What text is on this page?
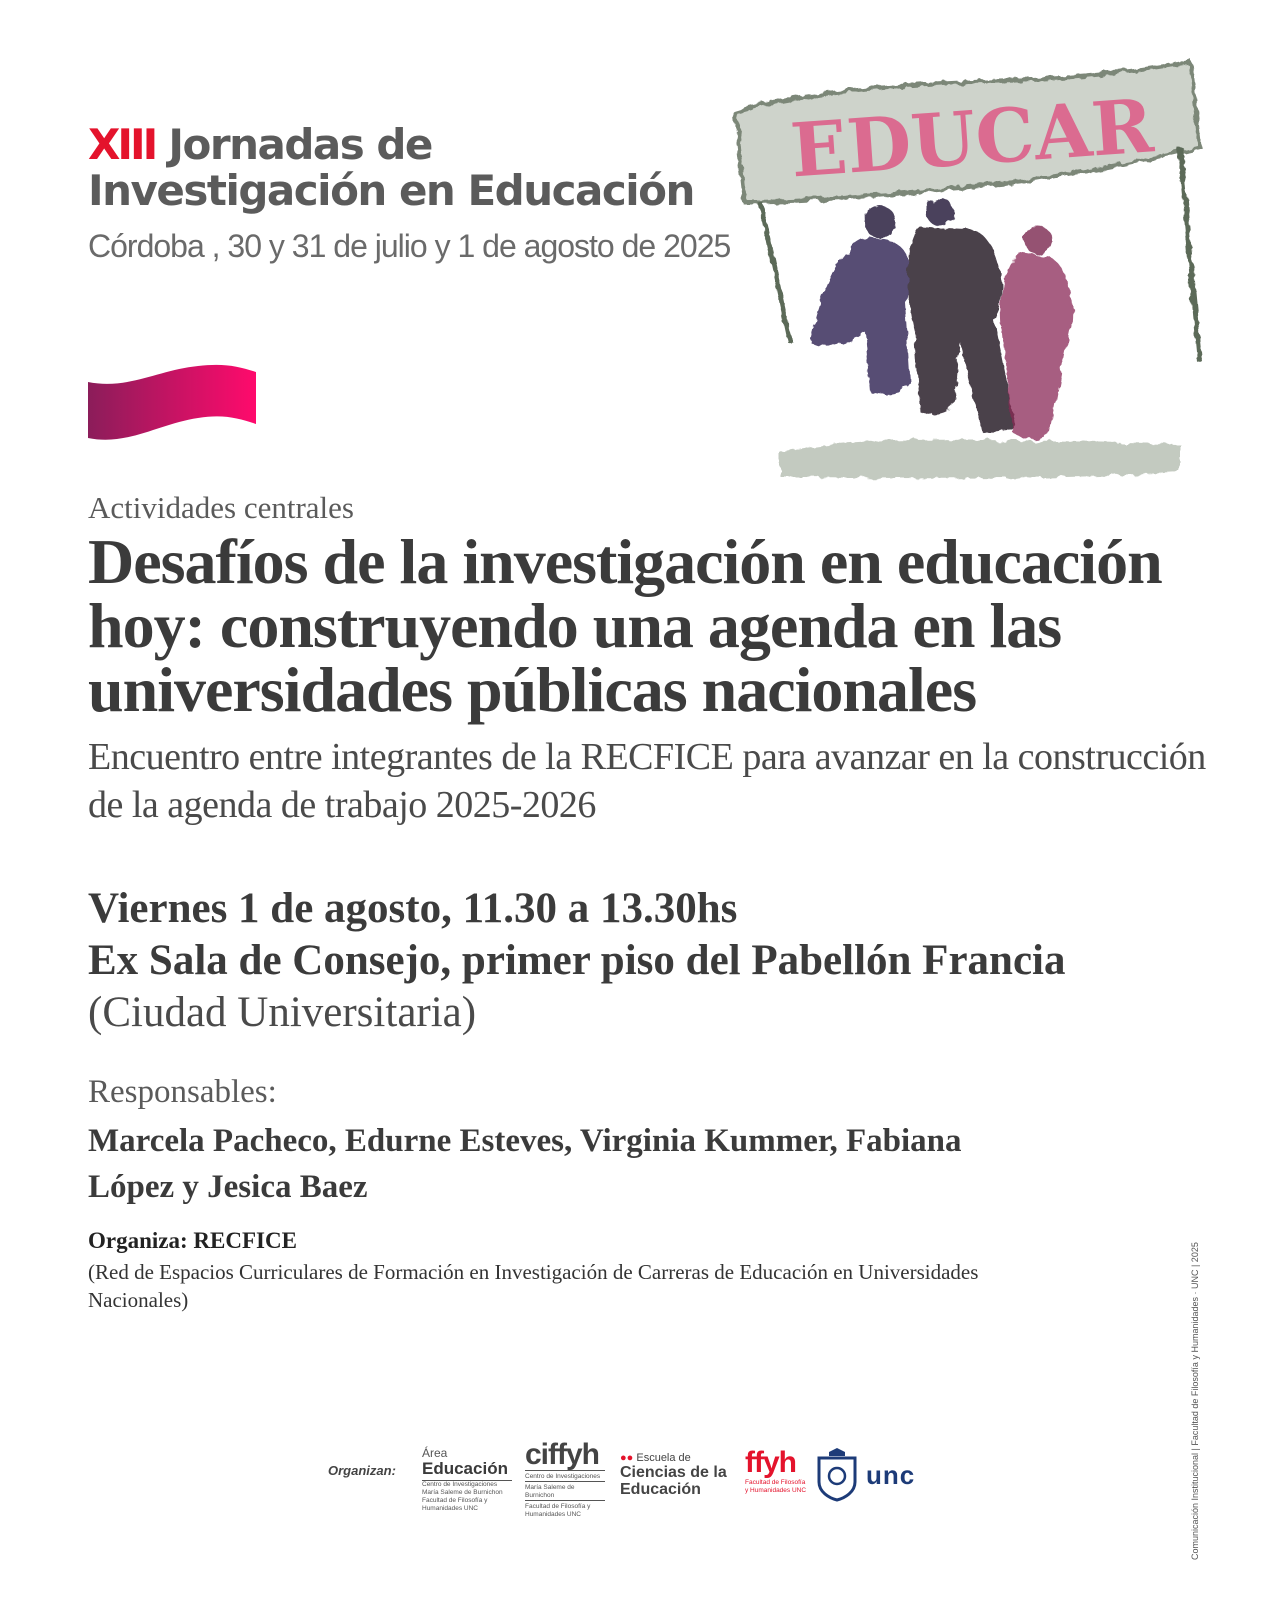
XIII Jornadas de
Investigación en Educación
Córdoba , 30 y 31 de julio y 1 de agosto de 2025
EDUCAR
Actividades centrales
Desafíos de la investigación en educación hoy: construyendo una agenda en las universidades públicas nacionales
Encuentro entre integrantes de la RECFICE para avanzar en la construcción de la agenda de trabajo 2025-2026
Viernes 1 de agosto, 11.30 a 13.30hs
Ex Sala de Consejo, primer piso del Pabellón Francia
(Ciudad Universitaria)
Responsables:
Marcela Pacheco, Edurne Esteves, Virginia Kummer, Fabiana López y Jesica Baez
Organiza: RECFICE
(Red de Espacios Curriculares de Formación en Investigación de Carreras de Educación en Universidades Nacionales)
Organizan:
Área
Educación
Centro de Investigaciones
María Saleme de Burnichon
Facultad de Filosofía y Humanidades UNC
ciffyh
Centro de Investigaciones
María Saleme de Burnichon
Facultad de Filosofía y Humanidades UNC
●● Escuela de
Ciencias de la
Educación
ffyh
Facultad de Filosofía y Humanidades UNC
unc	Comunicación Institucional | Facultad de Filosofía y Humanidades · UNC | 2025
